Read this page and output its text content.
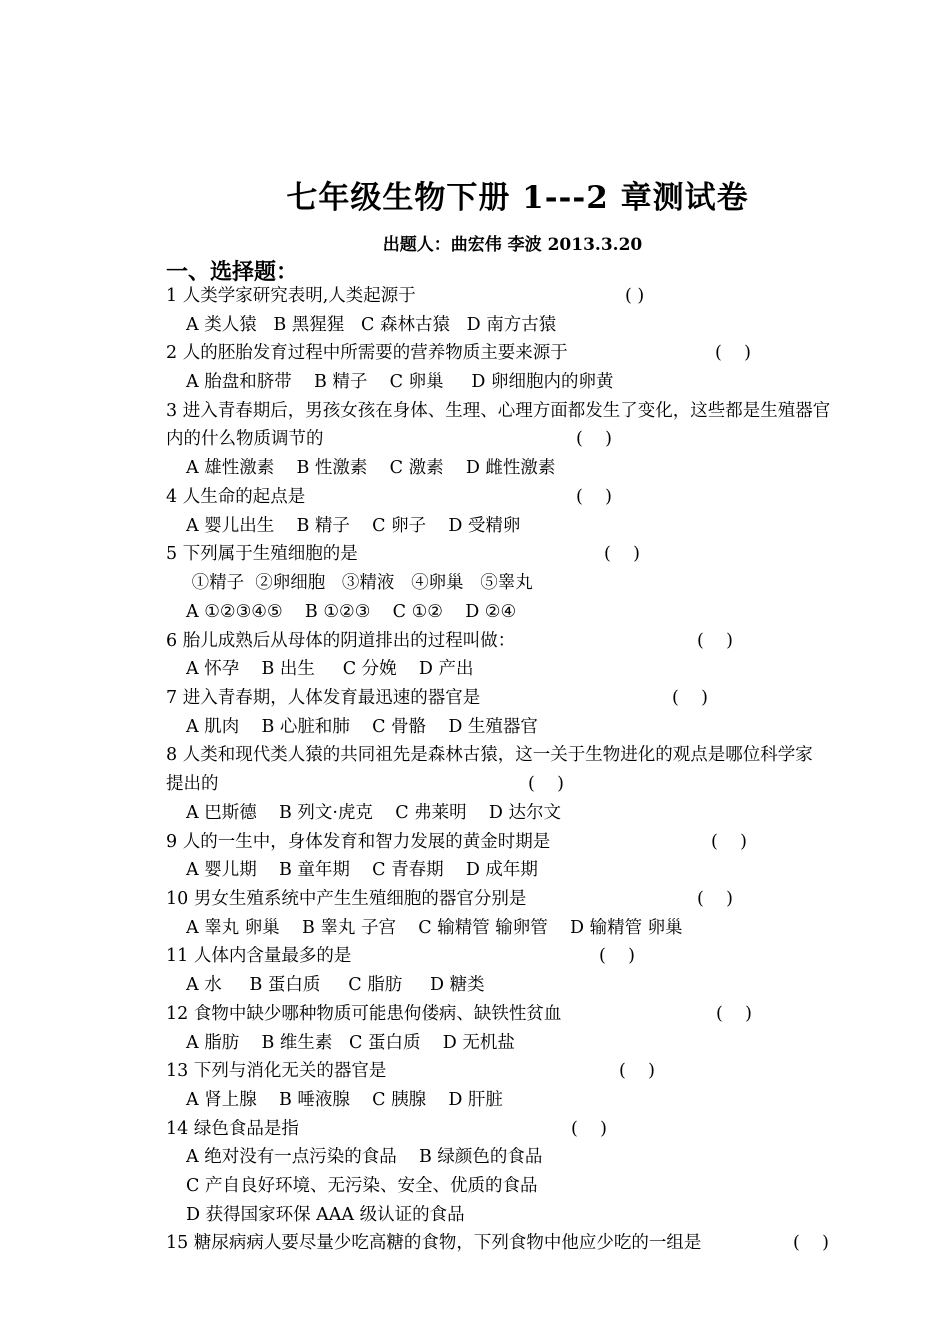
七年级生物下册 1---2 章测试卷
出题人：曲宏伟 李波 2013.3.20
一、选择题：
1 人类学家研究表明,人类起源于	( )
A 类人猿   B 黑猩猩   C 森林古猿   D 南方古猿
2 人的胚胎发育过程中所需要的营养物质主要来源于	(    )
A 胎盘和脐带    B 精子    C 卵巢     D 卵细胞内的卵黄
3 进入青春期后，男孩女孩在身体、生理、心理方面都发生了变化，这些都是生殖器官
内的什么物质调节的	(    )
A 雄性激素    B 性激素    C 激素    D 雌性激素
4 人生命的起点是	(    )
A 婴儿出生    B 精子    C 卵子    D 受精卵
5 下列属于生殖细胞的是	(    )
①精子  ②卵细胞   ③精液   ④卵巢   ⑤睾丸
A ①②③④⑤    B ①②③    C ①②    D ②④
6 胎儿成熟后从母体的阴道排出的过程叫做：	(    )
A 怀孕    B 出生     C 分娩    D 产出
7 进入青春期，人体发育最迅速的器官是	(    )
A 肌肉    B 心脏和肺    C 骨骼    D 生殖器官
8 人类和现代类人猿的共同祖先是森林古猿，这一关于生物进化的观点是哪位科学家
提出的	(    )
A 巴斯德    B 列文·虎克    C 弗莱明    D 达尔文
9 人的一生中，身体发育和智力发展的黄金时期是	(    )
A 婴儿期    B 童年期    C 青春期    D 成年期
10 男女生殖系统中产生生殖细胞的器官分别是	(    )
A 睾丸 卵巢    B 睾丸 子宫    C 输精管 输卵管    D 输精管 卵巢
11 人体内含量最多的是	(    )
A 水     B 蛋白质     C 脂肪     D 糖类
12 食物中缺少哪种物质可能患佝偻病、缺铁性贫血	(    )
A 脂肪    B 维生素   C 蛋白质    D 无机盐
13 下列与消化无关的器官是	(    )
A 肾上腺    B 唾液腺    C 胰腺    D 肝脏
14 绿色食品是指	(    )
A 绝对没有一点污染的食品    B 绿颜色的食品
C 产自良好环境、无污染、安全、优质的食品
D 获得国家环保 AAA 级认证的食品
15 糖尿病病人要尽量少吃高糖的食物，下列食物中他应少吃的一组是	(    )
